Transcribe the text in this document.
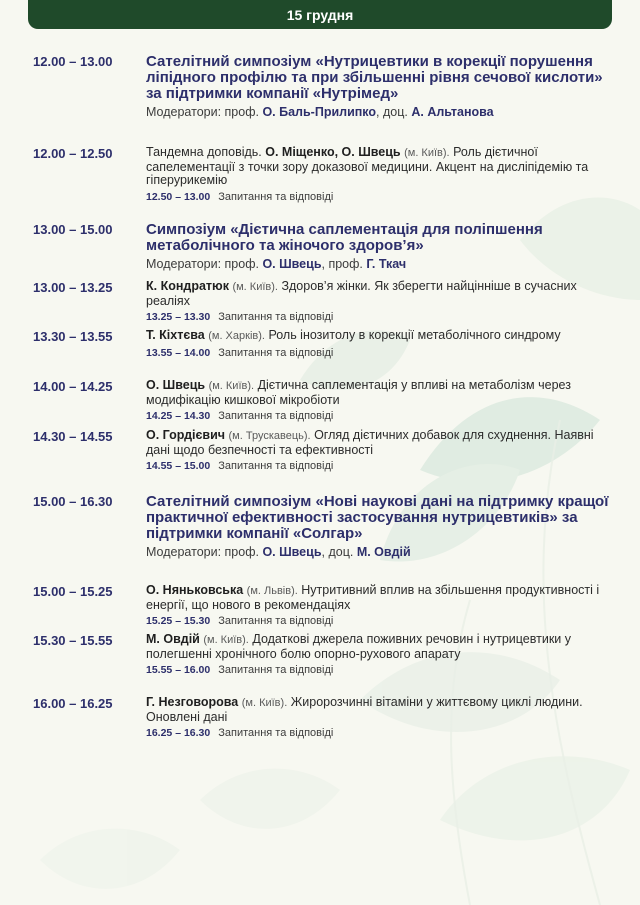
15 грудня
12.00 – 13.00	Сателітний симпозіум «Нутрицевтики в корекції порушення ліпідного профілю та при збільшенні рівня сечової кислоти» за підтримки компанії «Нутрімед»

Модератори: проф. О. Баль-Прилипко, доц. А. Альтанова
12.00 – 12.50	Тандемна доповідь. О. Міщенко, О. Швець (м. Київ). Роль дієтичної сапелементації з точки зору доказової медицини. Акцент на дисліпідемію та гіперурикемію

12.50 – 13.00 Запитання та відповіді
13.00 – 15.00	Симпозіум «Дієтична саплементація для поліпшення метаболічного та жіночого здоров’я»

Модератори: проф. О. Швець, проф. Г. Ткач
13.00 – 13.25	К. Кондратюк (м. Київ). Здоров’я жінки. Як зберегти найцінніше в сучасних реаліях

13.25 – 13.30 Запитання та відповіді
13.30 – 13.55	Т. Кіхтєва (м. Харків). Роль інозитолу в корекції метаболічного синдрому

13.55 – 14.00 Запитання та відповіді
14.00 – 14.25	О. Швець (м. Київ). Дієтична саплементація у впливі на метаболізм через модифікацію кишкової мікробіоти

14.25 – 14.30 Запитання та відповіді
14.30 – 14.55	О. Гордієвич (м. Трускавець). Огляд дієтичних добавок для схуднення. Наявні дані щодо безпечності та ефективності

14.55 – 15.00 Запитання та відповіді
15.00 – 16.30	Сателітний симпозіум «Нові наукові дані на підтримку кращої практичної ефективності застосування нутрицевтиків» за підтримки компанії «Солгар»

Модератори: проф. О. Швець, доц. М. Овдій
15.00 – 15.25	О. Няньковська (м. Львів). Нутритивний вплив на збільшення продуктивності і енергії, що нового в рекомендаціях

15.25 – 15.30 Запитання та відповіді
15.30 – 15.55	М. Овдій (м. Київ). Додаткові джерела поживних речовин і нутрицевтики у полегшенні хронічного болю опорно-рухового апарату

15.55 – 16.00 Запитання та відповіді
16.00 – 16.25	Г. Незговорова (м. Київ). Жиророзчинні вітаміни у життєвому циклі людини. Оновлені дані

16.25 – 16.30 Запитання та відповіді
